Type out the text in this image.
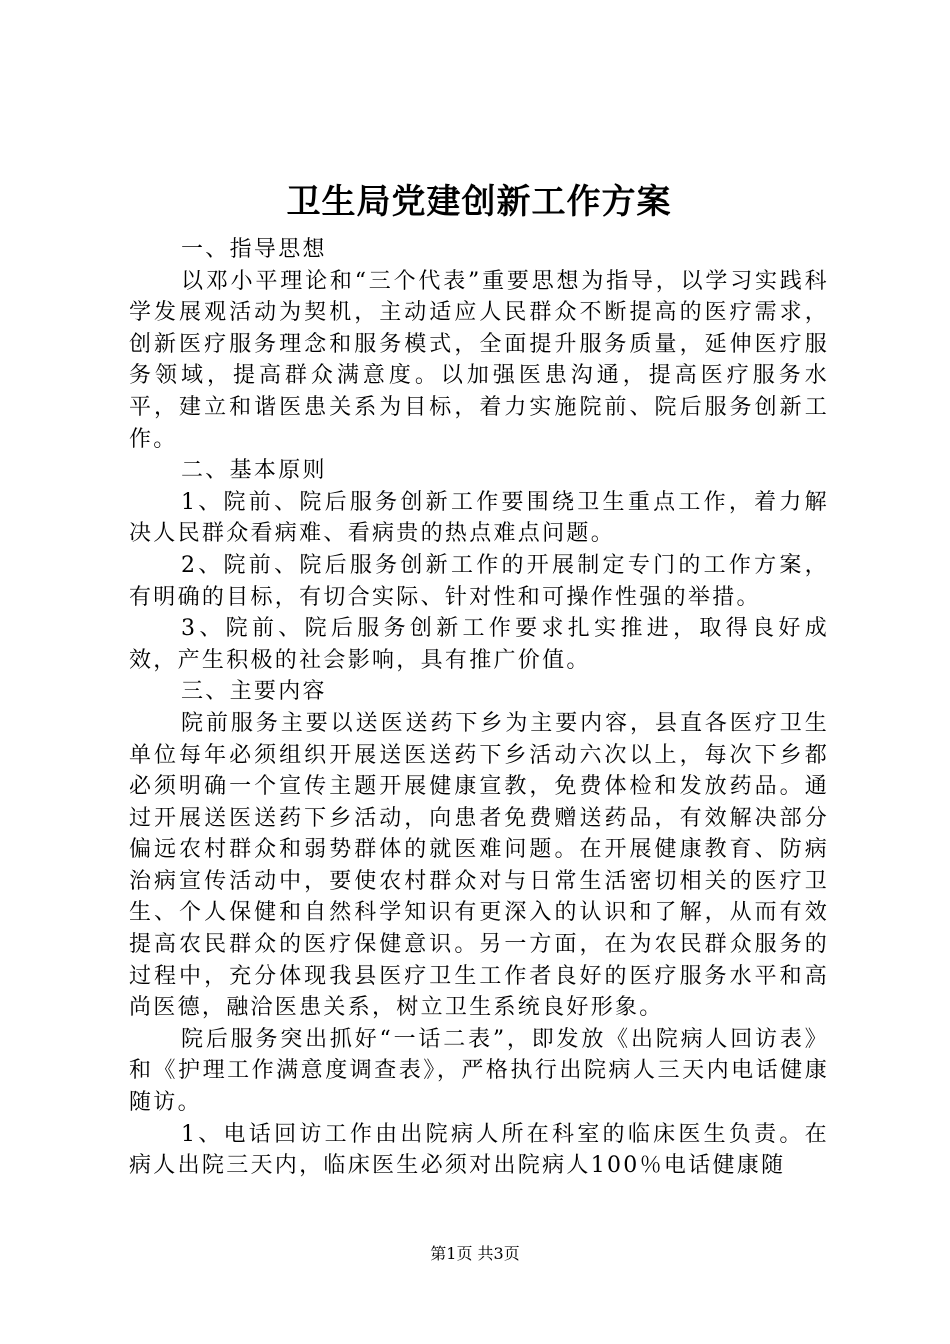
卫生局党建创新工作方案

一、指导思想

以邓小平理论和“三个代表”重要思想为指导，以学习实践科学发展观活动为契机，主动适应人民群众不断提高的医疗需求，创新医疗服务理念和服务模式，全面提升服务质量，延伸医疗服务领域，提高群众满意度。以加强医患沟通，提高医疗服务水平，建立和谐医患关系为目标，着力实施院前、院后服务创新工作。

二、基本原则

1、院前、院后服务创新工作要围绕卫生重点工作，着力解决人民群众看病难、看病贵的热点难点问题。

2、院前、院后服务创新工作的开展制定专门的工作方案，有明确的目标，有切合实际、针对性和可操作性强的举措。

3、院前、院后服务创新工作要求扎实推进，取得良好成效，产生积极的社会影响，具有推广价值。

三、主要内容

院前服务主要以送医送药下乡为主要内容，县直各医疗卫生单位每年必须组织开展送医送药下乡活动六次以上，每次下乡都必须明确一个宣传主题开展健康宣教，免费体检和发放药品。通过开展送医送药下乡活动，向患者免费赠送药品，有效解决部分偏远农村群众和弱势群体的就医难问题。在开展健康教育、防病治病宣传活动中，要使农村群众对与日常生活密切相关的医疗卫生、个人保健和自然科学知识有更深入的认识和了解，从而有效提高农民群众的医疗保健意识。另一方面，在为农民群众服务的过程中，充分体现我县医疗卫生工作者良好的医疗服务水平和高尚医德，融洽医患关系，树立卫生系统良好形象。

院后服务突出抓好“一话二表”，即发放《出院病人回访表》和《护理工作满意度调查表》，严格执行出院病人三天内电话健康随访。

1、电话回访工作由出院病人所在科室的临床医生负责。在病人出院三天内，临床医生必须对出院病人100％电话健康随

第1页 共3页
